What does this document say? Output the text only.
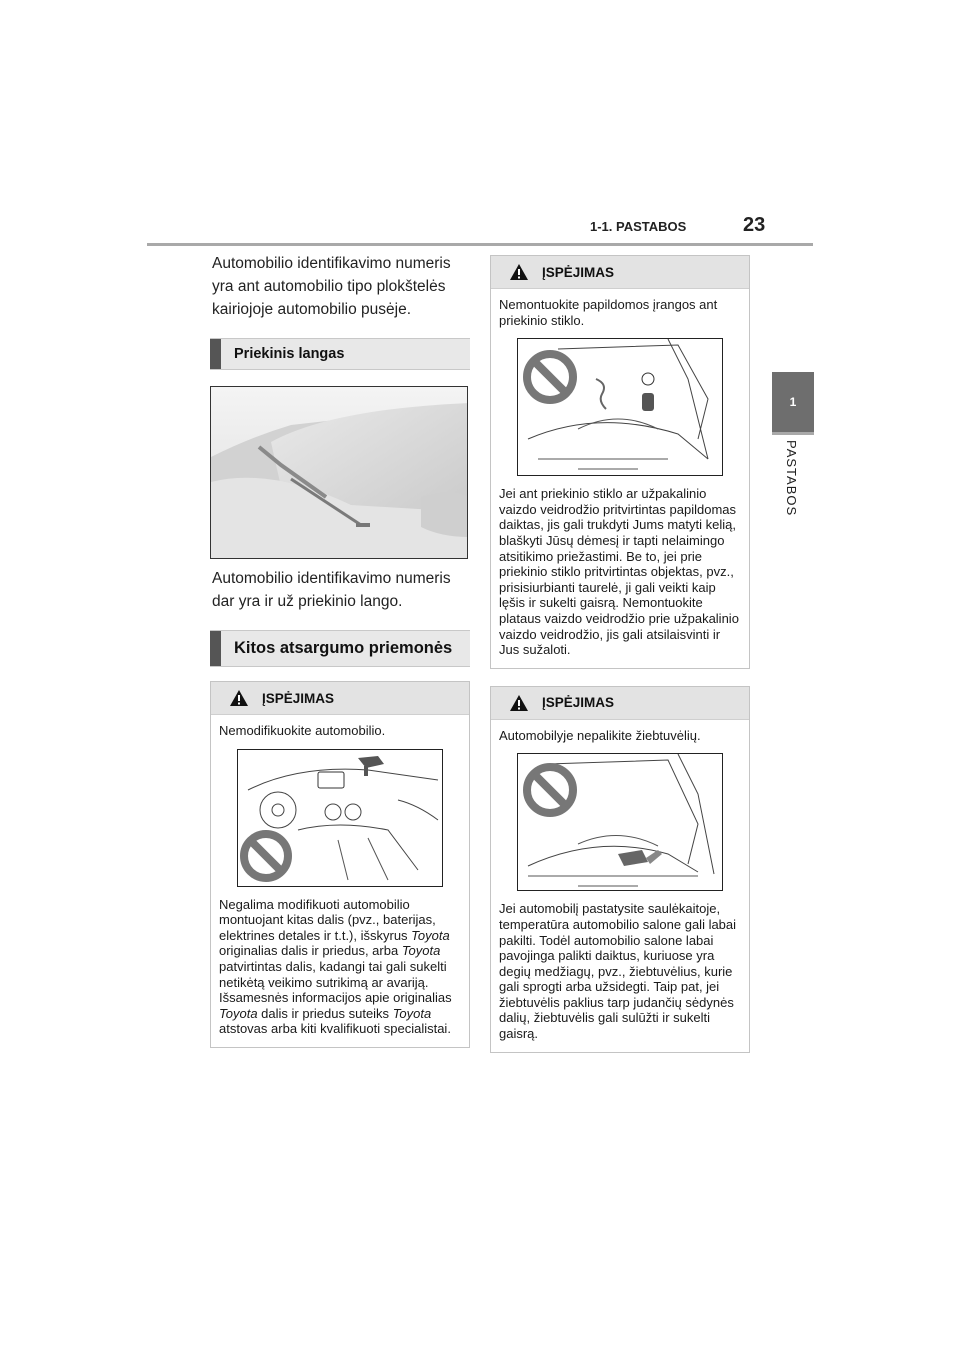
1-1. PASTABOS	23
1
PASTABOS

Automobilio identifikavimo numeris yra ant automobilio tipo plokštelės kairiojoje automobilio pusėje.

Priekinis langas

Automobilio identifikavimo numeris dar yra ir už priekinio lango.

Kitos atsargumo priemonės
ĮSPĖJIMAS

Nemodifikuokite automobilio.

Negalima modifikuoti automobilio montuojant kitas dalis (pvz., baterijas, elektrines detales ir t.t.), išskyrus Toyota originalias dalis ir priedus, arba Toyota patvirtintas dalis, kadangi tai gali sukelti netikėtą veikimo sutrikimą ar avariją. Išsamesnės informacijos apie originalias Toyota dalis ir priedus suteiks Toyota atstovas arba kiti kvalifikuoti specialistai.

ĮSPĖJIMAS

Nemontuokite papildomos įrangos ant priekinio stiklo.

Jei ant priekinio stiklo ar užpakalinio vaizdo veidrodžio pritvirtintas papildomas daiktas, jis gali trukdyti Jums matyti kelią, blaškyti Jūsų dėmesį ir tapti nelaimingo atsitikimo priežastimi. Be to, jei prie priekinio stiklo pritvirtintas objektas, pvz., prisisiurbianti taurelė, ji gali veikti kaip lęšis ir sukelti gaisrą. Nemontuokite plataus vaizdo veidrodžio prie užpakalinio vaizdo veidrodžio, jis gali atsilaisvinti ir Jus sužaloti.

ĮSPĖJIMAS

Automobilyje nepalikite žiebtuvėlių.

Jei automobilį pastatysite saulėkaitoje, temperatūra automobilio salone gali labai pakilti. Todėl automobilio salone labai pavojinga palikti daiktus, kuriuose yra degių medžiagų, pvz., žiebtuvėlius, kurie gali sprogti arba užsidegti. Taip pat, jei žiebtuvėlis paklius tarp judančių sėdynės dalių, žiebtuvėlis gali sulūžti ir sukelti gaisrą.
